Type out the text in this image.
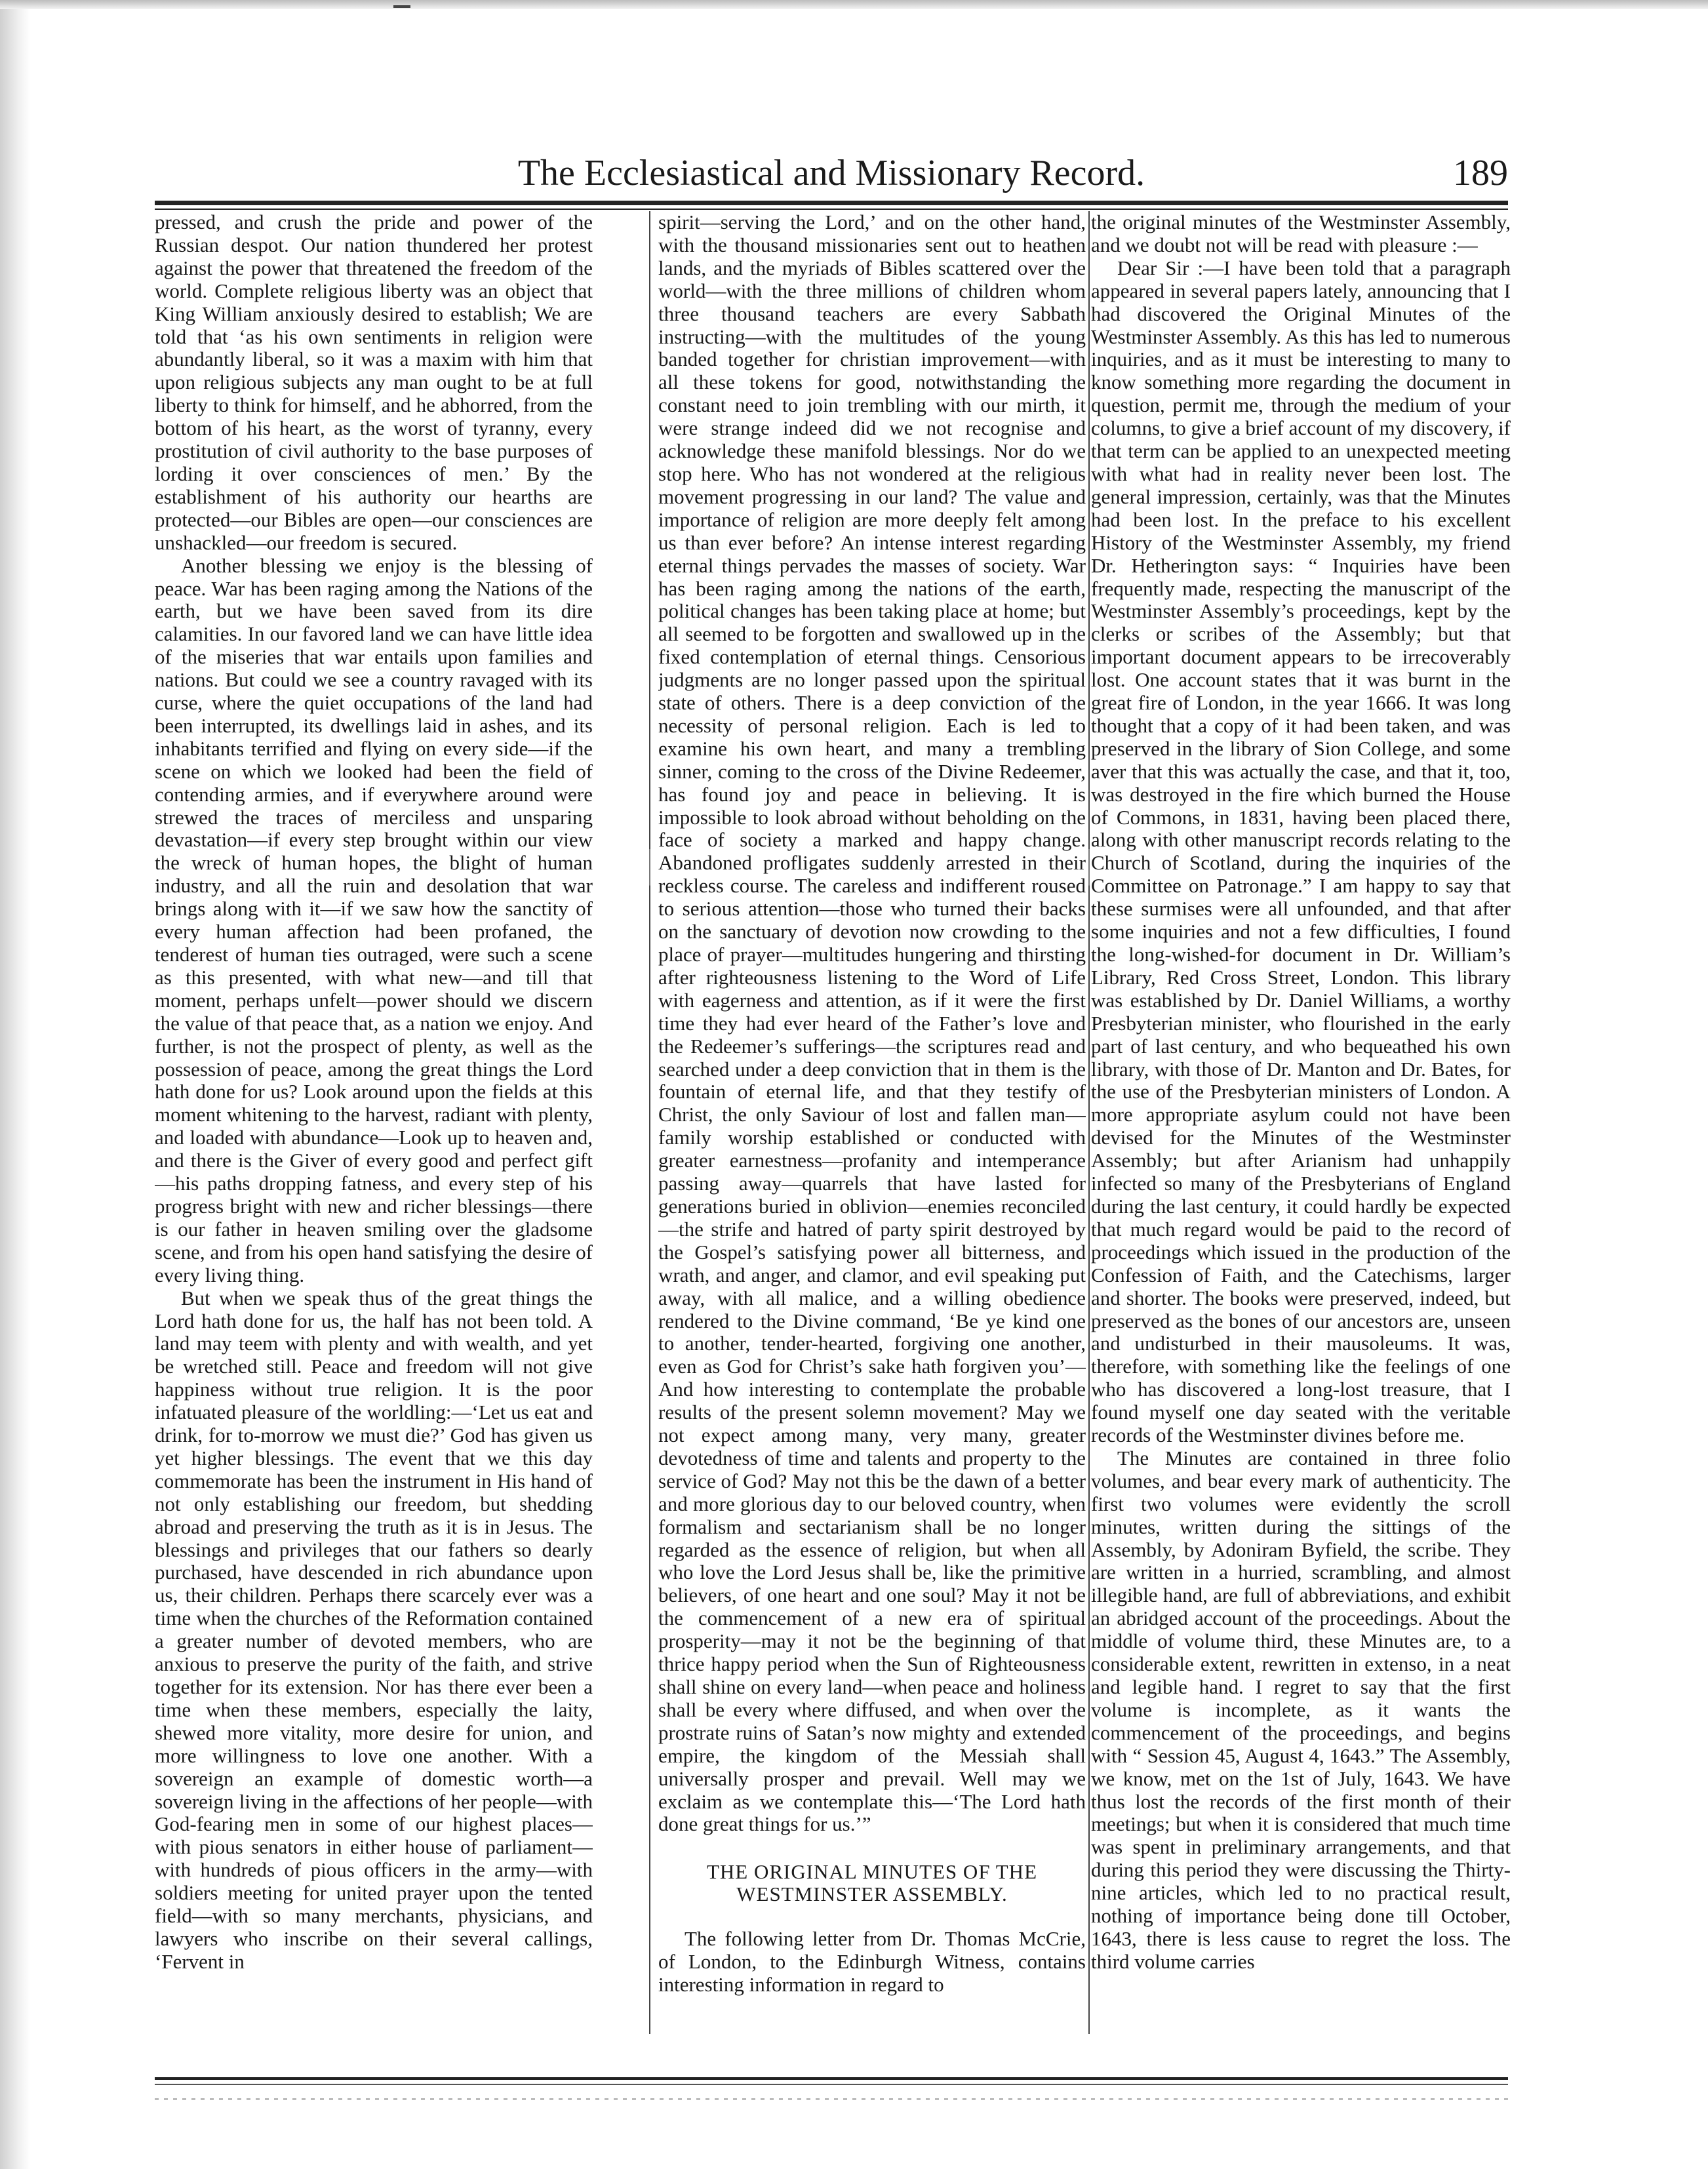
The Ecclesiastical and Missionary Record.	189

pressed, and crush the pride and power of the Russian despot. Our nation thundered her protest against the power that threatened the freedom of the world. Complete religious liberty was an object that King William anxiously desired to establish; We are told that ‘as his own sentiments in religion were abundantly liberal, so it was a maxim with him that upon religious subjects any man ought to be at full liberty to think for himself, and he abhorred, from the bottom of his heart, as the worst of tyranny, every prostitution of civil authority to the base purposes of lording it over consciences of men.’ By the establishment of his authority our hearths are protected—our Bibles are open—our consciences are unshackled—our freedom is secured.

Another blessing we enjoy is the blessing of peace. War has been raging among the Nations of the earth, but we have been saved from its dire calamities. In our favored land we can have little idea of the miseries that war entails upon families and nations. But could we see a country ravaged with its curse, where the quiet occupations of the land had been interrupted, its dwellings laid in ashes, and its inhabitants terrified and flying on every side—if the scene on which we looked had been the field of contending armies, and if everywhere around were strewed the traces of merciless and unsparing devastation—if every step brought within our view the wreck of human hopes, the blight of human industry, and all the ruin and desolation that war brings along with it—if we saw how the sanctity of every human affection had been profaned, the tenderest of human ties outraged, were such a scene as this presented, with what new—and till that moment, perhaps unfelt—power should we discern the value of that peace that, as a nation we enjoy. And further, is not the prospect of plenty, as well as the possession of peace, among the great things the Lord hath done for us? Look around upon the fields at this moment whitening to the harvest, radiant with plenty, and loaded with abundance—Look up to heaven and, and there is the Giver of every good and perfect gift—his paths dropping fatness, and every step of his progress bright with new and richer blessings—there is our father in heaven smiling over the gladsome scene, and from his open hand satisfying the desire of every living thing.

But when we speak thus of the great things the Lord hath done for us, the half has not been told. A land may teem with plenty and with wealth, and yet be wretched still. Peace and freedom will not give happiness without true religion. It is the poor infatuated pleasure of the worldling:—‘Let us eat and drink, for to-morrow we must die?’ God has given us yet higher blessings. The event that we this day commemorate has been the instrument in His hand of not only establishing our freedom, but shedding abroad and preserving the truth as it is in Jesus. The blessings and privileges that our fathers so dearly purchased, have descended in rich abundance upon us, their children. Perhaps there scarcely ever was a time when the churches of the Reformation contained a greater number of devoted members, who are anxious to preserve the purity of the faith, and strive together for its extension. Nor has there ever been a time when these members, especially the laity, shewed more vitality, more desire for union, and more willingness to love one another. With a sovereign an example of domestic worth—a sovereign living in the affections of her people—with God-fearing men in some of our highest places—with pious senators in either house of parliament—with hundreds of pious officers in the army—with soldiers meeting for united prayer upon the tented field—with so many merchants, physicians, and lawyers who inscribe on their several callings, ‘Fervent in

spirit—serving the Lord,’ and on the other hand, with the thousand missionaries sent out to heathen lands, and the myriads of Bibles scattered over the world—with the three millions of children whom three thousand teachers are every Sabbath instructing—with the multitudes of the young banded together for christian improvement—with all these tokens for good, notwithstanding the constant need to join trembling with our mirth, it were strange indeed did we not recognise and acknowledge these manifold blessings. Nor do we stop here. Who has not wondered at the religious movement progressing in our land? The value and importance of religion are more deeply felt among us than ever before? An intense interest regarding eternal things pervades the masses of society. War has been raging among the nations of the earth, political changes has been taking place at home; but all seemed to be forgotten and swallowed up in the fixed contemplation of eternal things. Censorious judgments are no longer passed upon the spiritual state of others. There is a deep conviction of the necessity of personal religion. Each is led to examine his own heart, and many a trembling sinner, coming to the cross of the Divine Redeemer, has found joy and peace in believing. It is impossible to look abroad without beholding on the face of society a marked and happy change. Abandoned profligates suddenly arrested in their reckless course. The careless and indifferent roused to serious attention—those who turned their backs on the sanctuary of devotion now crowding to the place of prayer—multitudes hungering and thirsting after righteousness listening to the Word of Life with eagerness and attention, as if it were the first time they had ever heard of the Father’s love and the Redeemer’s sufferings—the scriptures read and searched under a deep conviction that in them is the fountain of eternal life, and that they testify of Christ, the only Saviour of lost and fallen man—family worship established or conducted with greater earnestness—profanity and intemperance passing away—quarrels that have lasted for generations buried in oblivion—enemies reconciled—the strife and hatred of party spirit destroyed by the Gospel’s satisfying power all bitterness, and wrath, and anger, and clamor, and evil speaking put away, with all malice, and a willing obedience rendered to the Divine command, ‘Be ye kind one to another, tender-hearted, forgiving one another, even as God for Christ’s sake hath forgiven you’—And how interesting to contemplate the probable results of the present solemn movement? May we not expect among many, very many, greater devotedness of time and talents and property to the service of God? May not this be the dawn of a better and more glorious day to our beloved country, when formalism and sectarianism shall be no longer regarded as the essence of religion, but when all who love the Lord Jesus shall be, like the primitive believers, of one heart and one soul? May it not be the commencement of a new era of spiritual prosperity—may it not be the beginning of that thrice happy period when the Sun of Righteousness shall shine on every land—when peace and holiness shall be every where diffused, and when over the prostrate ruins of Satan’s now mighty and extended empire, the kingdom of the Messiah shall universally prosper and prevail. Well may we exclaim as we contemplate this—‘The Lord hath done great things for us.’”

THE ORIGINAL MINUTES OF THE WESTMINSTER ASSEMBLY.

The following letter from Dr. Thomas McCrie, of London, to the Edinburgh Witness, contains interesting information in regard to

the original minutes of the Westminster Assembly, and we doubt not will be read with pleasure :—

Dear Sir :—I have been told that a paragraph appeared in several papers lately, announcing that I had discovered the Original Minutes of the Westminster Assembly. As this has led to numerous inquiries, and as it must be interesting to many to know something more regarding the document in question, permit me, through the medium of your columns, to give a brief account of my discovery, if that term can be applied to an unexpected meeting with what had in reality never been lost. The general impression, certainly, was that the Minutes had been lost. In the preface to his excellent History of the Westminster Assembly, my friend Dr. Hetherington says: “ Inquiries have been frequently made, respecting the manuscript of the Westminster Assembly’s proceedings, kept by the clerks or scribes of the Assembly; but that important document appears to be irrecoverably lost. One account states that it was burnt in the great fire of London, in the year 1666. It was long thought that a copy of it had been taken, and was preserved in the library of Sion College, and some aver that this was actually the case, and that it, too, was destroyed in the fire which burned the House of Commons, in 1831, having been placed there, along with other manuscript records relating to the Church of Scotland, during the inquiries of the Committee on Patronage.” I am happy to say that these surmises were all unfounded, and that after some inquiries and not a few difficulties, I found the long-wished-for document in Dr. William’s Library, Red Cross Street, London. This library was established by Dr. Daniel Williams, a worthy Presbyterian minister, who flourished in the early part of last century, and who bequeathed his own library, with those of Dr. Manton and Dr. Bates, for the use of the Presbyterian ministers of London. A more appropriate asylum could not have been devised for the Minutes of the Westminster Assembly; but after Arianism had unhappily infected so many of the Presbyterians of England during the last century, it could hardly be expected that much regard would be paid to the record of proceedings which issued in the production of the Confession of Faith, and the Catechisms, larger and shorter. The books were preserved, indeed, but preserved as the bones of our ancestors are, unseen and undisturbed in their mausoleums. It was, therefore, with something like the feelings of one who has discovered a long-lost treasure, that I found myself one day seated with the veritable records of the Westminster divines before me.

The Minutes are contained in three folio volumes, and bear every mark of authenticity. The first two volumes were evidently the scroll minutes, written during the sittings of the Assembly, by Adoniram Byfield, the scribe. They are written in a hurried, scrambling, and almost illegible hand, are full of abbreviations, and exhibit an abridged account of the proceedings. About the middle of volume third, these Minutes are, to a considerable extent, rewritten in extenso, in a neat and legible hand. I regret to say that the first volume is incomplete, as it wants the commencement of the proceedings, and begins with “ Session 45, August 4, 1643.” The Assembly, we know, met on the 1st of July, 1643. We have thus lost the records of the first month of their meetings; but when it is considered that much time was spent in preliminary arrangements, and that during this period they were discussing the Thirty-nine articles, which led to no practical result, nothing of importance being done till October, 1643, there is less cause to regret the loss. The third volume carries
